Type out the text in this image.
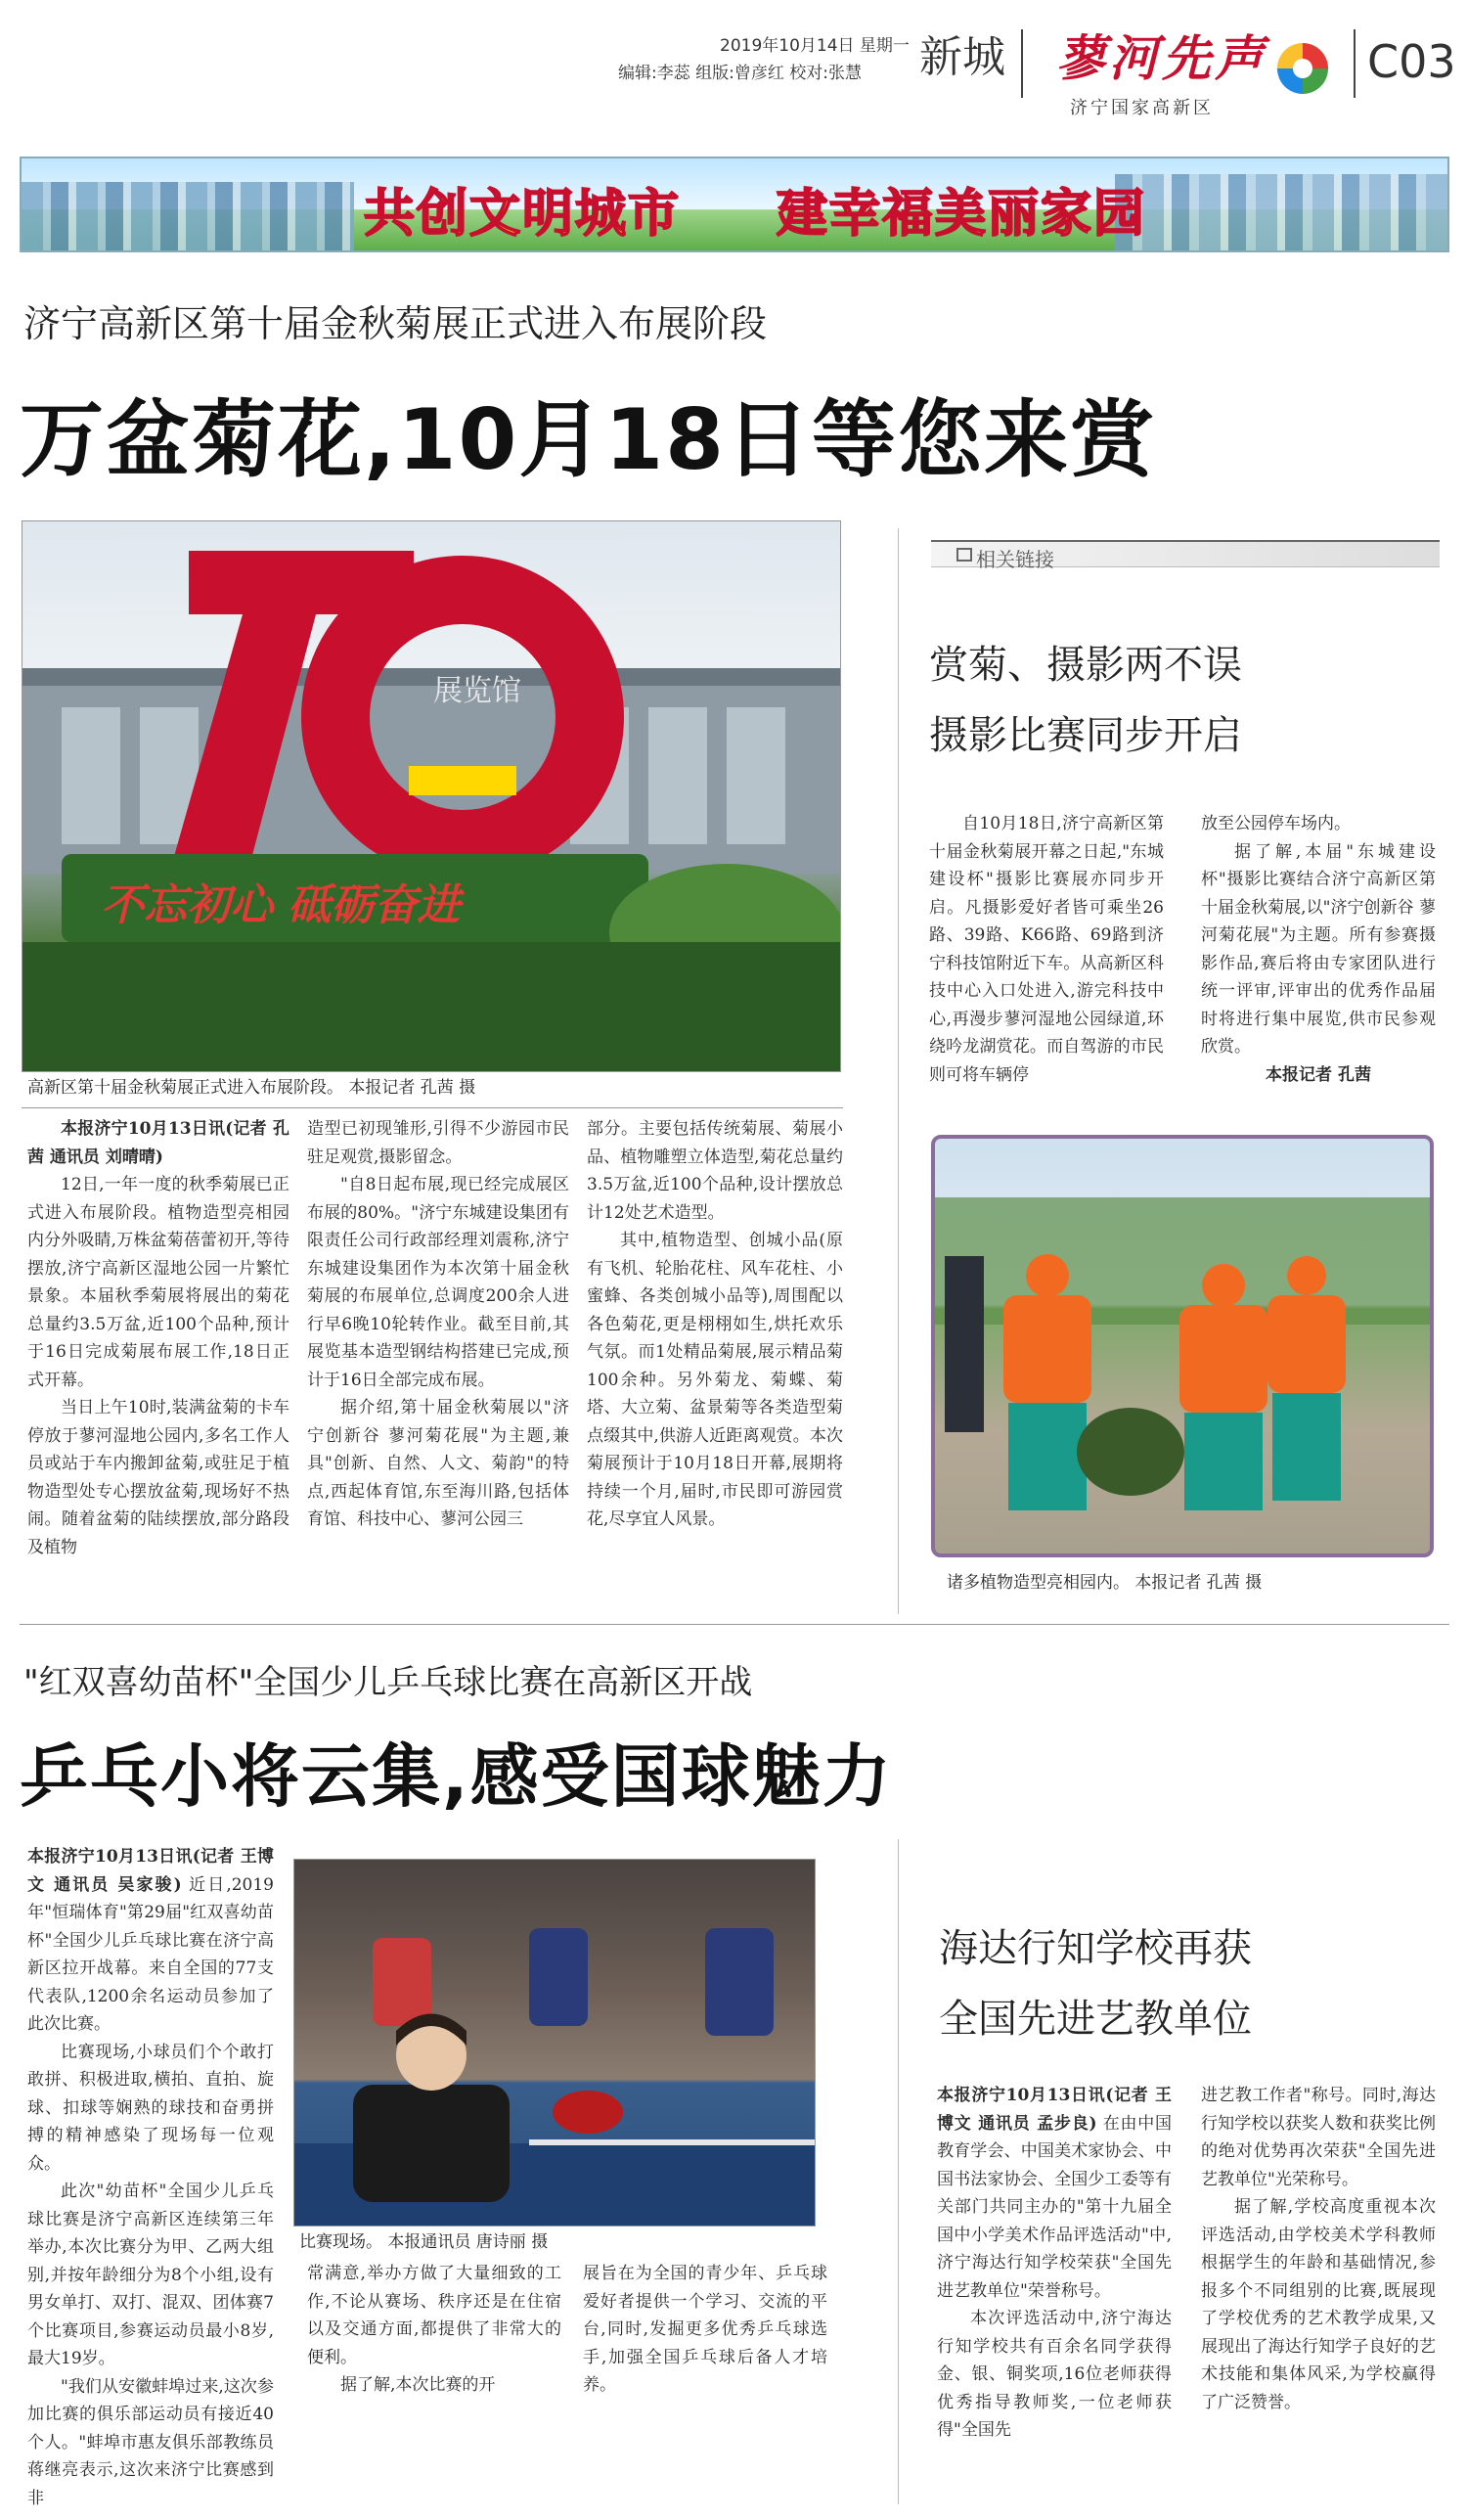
2019年10月14日 星期一
编辑:李蕊 组版:曾彦红 校对:张慧 新城 蓼河先声
济宁国家高新区
C03
共创文明城市 建幸福美丽家园
济宁高新区第十届金秋菊展正式进入布展阶段
万盆菊花,10月18日等您来赏
展览馆
不忘初心 砥砺奋进
高新区第十届金秋菊展正式进入布展阶段。 本报记者 孔茜 摄

本报济宁10月13日讯(记者 孔茜 通讯员 刘晴晴)

12日,一年一度的秋季菊展已正式进入布展阶段。植物造型亮相园内分外吸睛,万株盆菊蓓蕾初开,等待摆放,济宁高新区湿地公园一片繁忙景象。本届秋季菊展将展出的菊花总量约3.5万盆,近100个品种,预计于16日完成菊展布展工作,18日正式开幕。

当日上午10时,装满盆菊的卡车停放于蓼河湿地公园内,多名工作人员或站于车内搬卸盆菊,或驻足于植物造型处专心摆放盆菊,现场好不热闹。随着盆菊的陆续摆放,部分路段及植物

造型已初现雏形,引得不少游园市民驻足观赏,摄影留念。

"自8日起布展,现已经完成展区布展的80%。"济宁东城建设集团有限责任公司行政部经理刘震称,济宁东城建设集团作为本次第十届金秋菊展的布展单位,总调度200余人进行早6晚10轮转作业。截至目前,其展览基本造型钢结构搭建已完成,预计于16日全部完成布展。

据介绍,第十届金秋菊展以"济宁创新谷 蓼河菊花展"为主题,兼具"创新、自然、人文、菊韵"的特点,西起体育馆,东至海川路,包括体育馆、科技中心、蓼河公园三

部分。主要包括传统菊展、菊展小品、植物雕塑立体造型,菊花总量约3.5万盆,近100个品种,设计摆放总计12处艺术造型。

其中,植物造型、创城小品(原有飞机、轮胎花柱、风车花柱、小蜜蜂、各类创城小品等),周围配以各色菊花,更是栩栩如生,烘托欢乐气氛。而1处精品菊展,展示精品菊100余种。另外菊龙、菊蝶、菊塔、大立菊、盆景菊等各类造型菊点缀其中,供游人近距离观赏。本次菊展预计于10月18日开幕,展期将持续一个月,届时,市民即可游园赏花,尽享宜人风景。

相关链接
赏菊、摄影两不误
摄影比赛同步开启

自10月18日,济宁高新区第十届金秋菊展开幕之日起,"东城建设杯"摄影比赛展亦同步开启。凡摄影爱好者皆可乘坐26路、39路、K66路、69路到济宁科技馆附近下车。从高新区科技中心入口处进入,游完科技中心,再漫步蓼河湿地公园绿道,环绕吟龙湖赏花。而自驾游的市民则可将车辆停

放至公园停车场内。

据了解,本届"东城建设杯"摄影比赛结合济宁高新区第十届金秋菊展,以"济宁创新谷 蓼河菊花展"为主题。所有参赛摄影作品,赛后将由专家团队进行统一评审,评审出的优秀作品届时将进行集中展览,供市民参观欣赏。

本报记者 孔茜

诸多植物造型亮相园内。 本报记者 孔茜 摄
"红双喜幼苗杯"全国少儿乒乓球比赛在高新区开战
乒乓小将云集,感受国球魅力

本报济宁10月13日讯(记者 王博文 通讯员 吴家骏)

近日,2019年"恒瑞体育"第29届"红双喜幼苗杯"全国少儿乒乓球比赛在济宁高新区拉开战幕。来自全国的77支代表队,1200余名运动员参加了此次比赛。

比赛现场,小球员们个个敢打敢拼、积极进取,横拍、直拍、旋球、扣球等娴熟的球技和奋勇拼搏的精神感染了现场每一位观众。

此次"幼苗杯"全国少儿乒乓球比赛是济宁高新区连续第三年举办,本次比赛分为甲、乙两大组别,并按年龄细分为8个小组,设有男女单打、双打、混双、团体赛7个比赛项目,参赛运动员最小8岁,最大19岁。

"我们从安徽蚌埠过来,这次参加比赛的俱乐部运动员有接近40个人。"蚌埠市惠友俱乐部教练员蒋继亮表示,这次来济宁比赛感到非

比赛现场。 本报通讯员 唐诗丽 摄

常满意,举办方做了大量细致的工作,不论从赛场、秩序还是在住宿以及交通方面,都提供了非常大的便利。

据了解,本次比赛的开

展旨在为全国的青少年、乒乓球爱好者提供一个学习、交流的平台,同时,发掘更多优秀乒乓球选手,加强全国乒乓球后备人才培养。

海达行知学校再获
全国先进艺教单位

本报济宁10月13日讯(记者 王博文 通讯员 孟步良)

在由中国教育学会、中国美术家协会、中国书法家协会、全国少工委等有关部门共同主办的"第十九届全国中小学美术作品评选活动"中,济宁海达行知学校荣获"全国先进艺教单位"荣誉称号。

本次评选活动中,济宁海达行知学校共有百余名同学获得金、银、铜奖项,16位老师获得优秀指导教师奖,一位老师获得"全国先

进艺教工作者"称号。同时,海达行知学校以获奖人数和获奖比例的绝对优势再次荣获"全国先进艺教单位"光荣称号。

据了解,学校高度重视本次评选活动,由学校美术学科教师根据学生的年龄和基础情况,参报多个不同组别的比赛,既展现了学校优秀的艺术教学成果,又展现出了海达行知学子良好的艺术技能和集体风采,为学校赢得了广泛赞誉。
